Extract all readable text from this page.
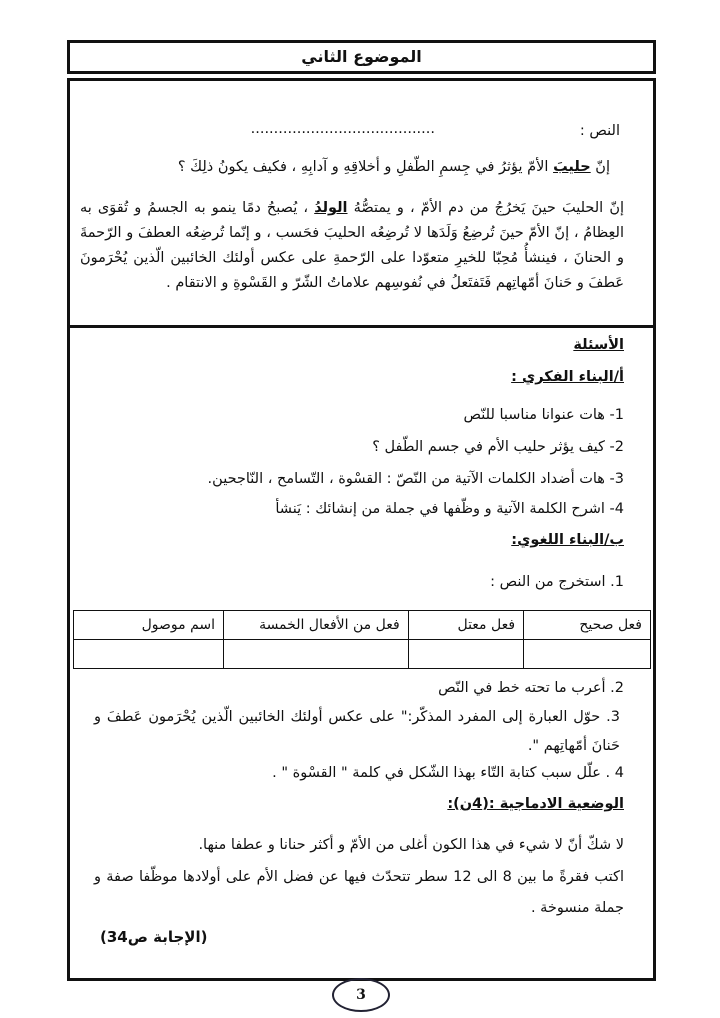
الموضوع الثاني
النص :
........................................
إنّ حليبَ الأمّ يؤثرُ في جِسمِ الطّفلِ و أخلاقِهِ و آدابِهِ ، فكيف يكونُ ذلِكَ ؟
إنّ الحليبَ حينَ يَخرُجُ من دم الأمّ ، و يمتصُّهُ الولدُ ، يُصبحُ دمًا ينمو به الجسمُ و تُقوَى به العِظامُ ، إنّ الأمّ حينَ تُرضِعُ وَلَدَها لا تُرضِعُه الحليبَ فحَسب ، و إنّما تُرضِعُه العطفَ و الرّحمةَ و الحنانَ ، فينشأُ مُحِبّا للخيرِ متعوّدا على الرّحمةِ على عكس أولئك الخائبين الّذين يُحْرَمونَ عَطفَ و حَنانَ أمّهاتِهم فَتَفتَعلُ في نُفوسِهم علاماتُ الشّرّ و القَسْوةِ و الانتقام .
الأسئلة
أ/البناء الفكري :
1- هات عنوانا مناسبا للنّص
2- كيف يؤثر حليب الأم في جسم الطّفل ؟
3- هات أضداد الكلمات الآتية من النّصّ : القسْوة ، التّسامح ، النّاجحين.
4- اشرح الكلمة الآتية و وظّفها في جملة من إنشائك : يَنشأ
ب/البناء اللغوي:
1. استخرج من النص :
فعل صحيح	فعل معتل	فعل من الأفعال الخمسة	اسم موصول

2. أعرب ما تحته خط في النّص
3. حوّل العبارة إلى المفرد المذكّر:" على عكس أولئك الخائبين الّذين يُحْرَمون عَطفَ و حَنانَ أمّهاتِهم ".
4 . علّل سبب كتابة التّاء بهذا الشّكل في كلمة " القسْوة " .
الوضعية الادماجية :(4ن):
لا شكّ أنّ لا شيء في هذا الكون أغلى من الأمّ و أكثر حنانا و عطفا منها.
اكتب فقرةً ما بين 8 الى 12 سطر تتحدّث فيها عن فضل الأم على أولادها موظّفا صفة و جملة منسوخة .
(الإجابة ص34)
3
